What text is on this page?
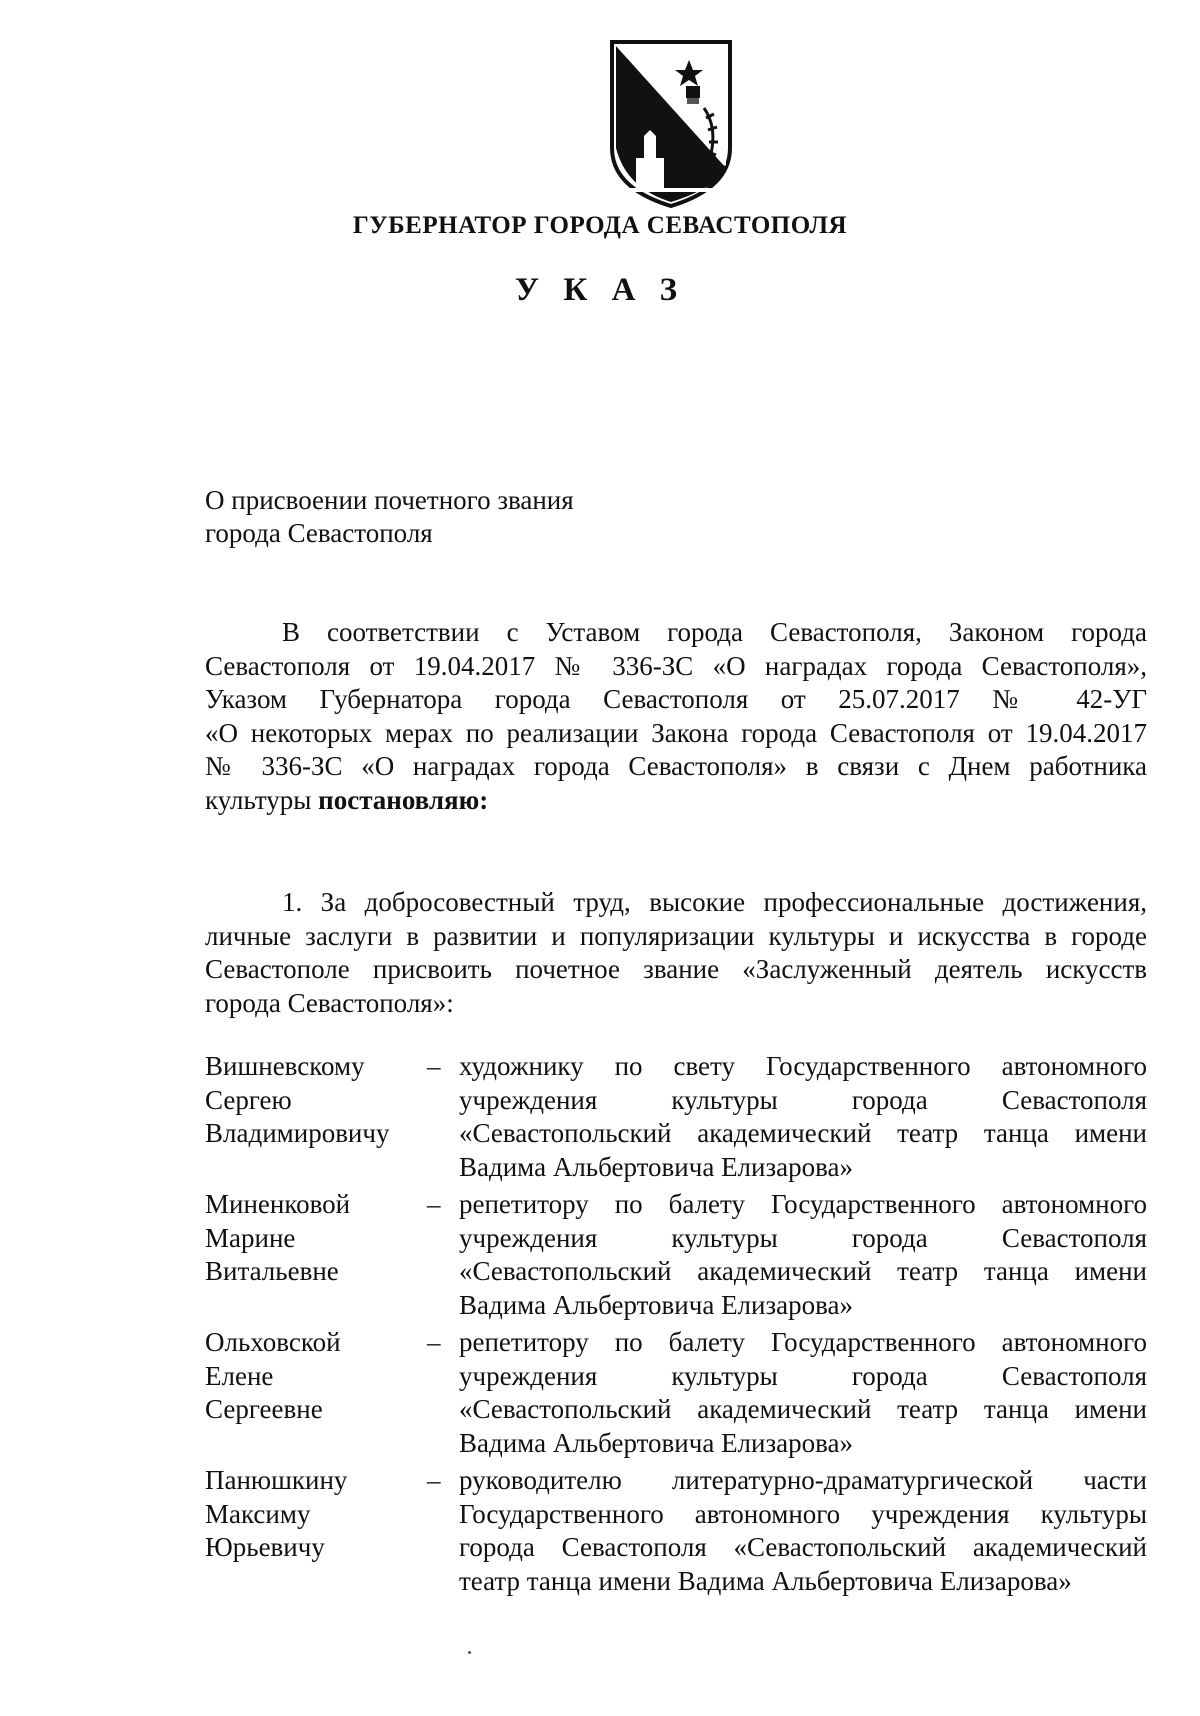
ГУБЕРНАТОР ГОРОДА СЕВАСТОПОЛЯ
У К А З
О присвоении почетного звания
города Севастополя
В соответствии с Уставом города Севастополя, Законом города
Севастополя от 19.04.2017 № 336-ЗС «О наградах города Севастополя»,
Указом Губернатора города Севастополя от 25.07.2017 № 42-УГ
«О некоторых мерах по реализации Закона города Севастополя от 19.04.2017
№ 336-ЗС «О наградах города Севастополя» в связи с Днем работника
культуры постановляю:
1. За добросовестный труд, высокие профессиональные достижения,
личные заслуги в развитии и популяризации культуры и искусства в городе
Севастополе присвоить почетное звание «Заслуженный деятель искусств
города Севастополя»:
Вишневскому
Сергею
Владимировичу
– художнику по свету Государственного автономного
учреждения культуры города Севастополя
«Севастопольский академический театр танца имени
Вадима Альбертовича Елизарова»
Миненковой
Марине
Витальевне
– репетитору по балету Государственного автономного
учреждения культуры города Севастополя
«Севастопольский академический театр танца имени
Вадима Альбертовича Елизарова»
Ольховской
Елене
Сергеевне
– репетитору по балету Государственного автономного
учреждения культуры города Севастополя
«Севастопольский академический театр танца имени
Вадима Альбертовича Елизарова»
Панюшкину
Максиму
Юрьевичу
– руководителю литературно-драматургической части
Государственного автономного учреждения культуры
города Севастополя «Севастопольский академический
театр танца имени Вадима Альбертовича Елизарова»
